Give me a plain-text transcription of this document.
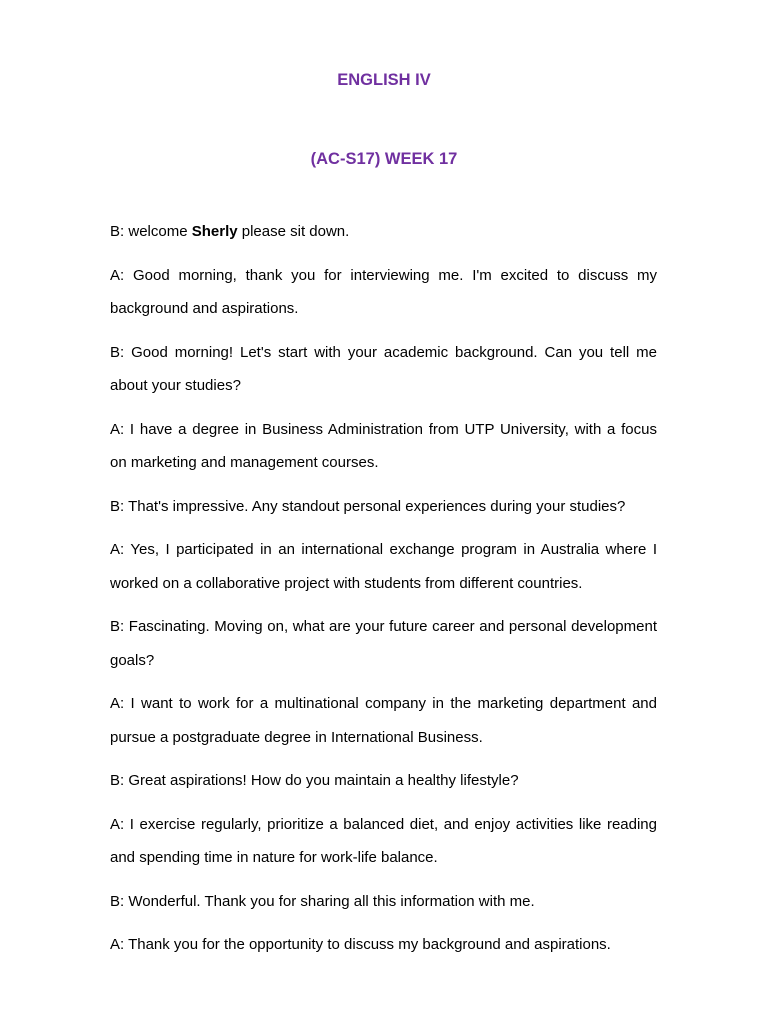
ENGLISH IV
(AC-S17) WEEK 17

B: welcome Sherly please sit down.

A: Good morning, thank you for interviewing me. I'm excited to discuss my background and aspirations.

B: Good morning! Let's start with your academic background. Can you tell me about your studies?

A: I have a degree in Business Administration from UTP University, with a focus on marketing and management courses.

B: That's impressive. Any standout personal experiences during your studies?

A: Yes, I participated in an international exchange program in Australia where I worked on a collaborative project with students from different countries.

B: Fascinating. Moving on, what are your future career and personal development goals?

A: I want to work for a multinational company in the marketing department and pursue a postgraduate degree in International Business.

B: Great aspirations! How do you maintain a healthy lifestyle?

A: I exercise regularly, prioritize a balanced diet, and enjoy activities like reading and spending time in nature for work-life balance.

B: Wonderful. Thank you for sharing all this information with me.

A: Thank you for the opportunity to discuss my background and aspirations.
